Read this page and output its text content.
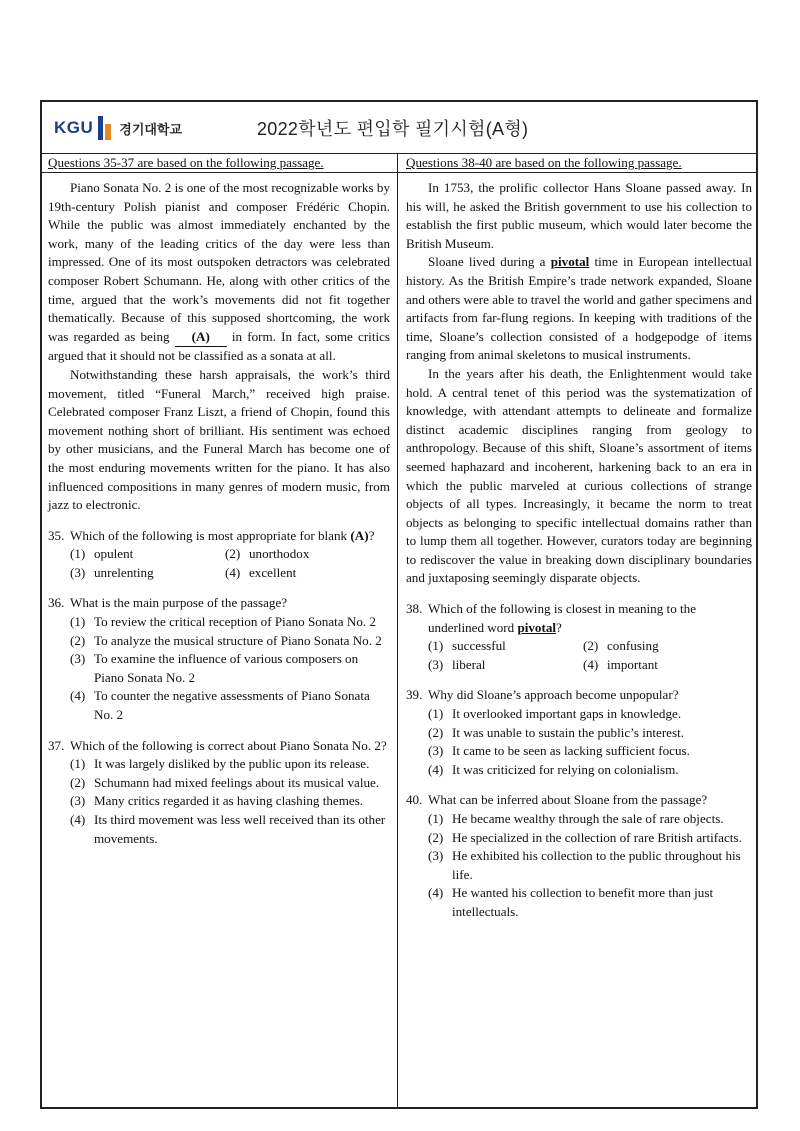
KGU 경기대학교	2022학년도 편입학 필기시험(A형)
Questions 35-37 are based on the following passage.

Piano Sonata No. 2 is one of the most recognizable works by 19th-century Polish pianist and composer Frédéric Chopin. While the public was almost immediately enchanted by the work, many of the leading critics of the day were less than impressed. One of its most outspoken detractors was celebrated composer Robert Schumann. He, along with other critics of the time, argued that the work’s movements did not fit together thematically. Because of this supposed shortcoming, the work was regarded as being (A) in form. In fact, some critics argued that it should not be classified as a sonata at all.

Notwithstanding these harsh appraisals, the work’s third movement, titled “Funeral March,” received high praise. Celebrated composer Franz Liszt, a friend of Chopin, found this movement nothing short of brilliant. His sentiment was echoed by other musicians, and the Funeral March has become one of the most enduring movements written for the piano. It has also influenced compositions in many genres of modern music, from jazz to electronic.

35. Which of the following is most appropriate for blank (A)?
(1) opulent	(2) unorthodox
(3) unrelenting	(4) excellent
36. What is the main purpose of the passage?
(1) To review the critical reception of Piano Sonata No. 2
(2) To analyze the musical structure of Piano Sonata No. 2
(3) To examine the influence of various composers on Piano Sonata No. 2
(4) To counter the negative assessments of Piano Sonata No. 2
37. Which of the following is correct about Piano Sonata No. 2?
(1) It was largely disliked by the public upon its release.
(2) Schumann had mixed feelings about its musical value.
(3) Many critics regarded it as having clashing themes.
(4) Its third movement was less well received than its other movements.
Questions 38-40 are based on the following passage.

In 1753, the prolific collector Hans Sloane passed away. In his will, he asked the British government to use his collection to establish the first public museum, which would later become the British Museum.

Sloane lived during a pivotal time in European intellectual history. As the British Empire’s trade network expanded, Sloane and others were able to travel the world and gather specimens and artifacts from far-flung regions. In keeping with traditions of the time, Sloane’s collection consisted of a hodgepodge of items ranging from animal skeletons to musical instruments.

In the years after his death, the Enlightenment would take hold. A central tenet of this period was the systematization of knowledge, with attendant attempts to delineate and formalize distinct academic disciplines ranging from geology to anthropology. Because of this shift, Sloane’s assortment of items seemed haphazard and incoherent, harkening back to an era in which the public marveled at curious collections of strange objects of all types. Increasingly, it became the norm to treat objects as belonging to specific intellectual domains rather than to lump them all together. However, curators today are beginning to rediscover the value in breaking down disciplinary boundaries and juxtaposing seemingly disparate objects.

38. Which of the following is closest in meaning to the underlined word pivotal?
(1) successful	(2) confusing
(3) liberal	(4) important
39. Why did Sloane’s approach become unpopular?
(1) It overlooked important gaps in knowledge.
(2) It was unable to sustain the public’s interest.
(3) It came to be seen as lacking sufficient focus.
(4) It was criticized for relying on colonialism.
40. What can be inferred about Sloane from the passage?
(1) He became wealthy through the sale of rare objects.
(2) He specialized in the collection of rare British artifacts.
(3) He exhibited his collection to the public throughout his life.
(4) He wanted his collection to benefit more than just intellectuals.
